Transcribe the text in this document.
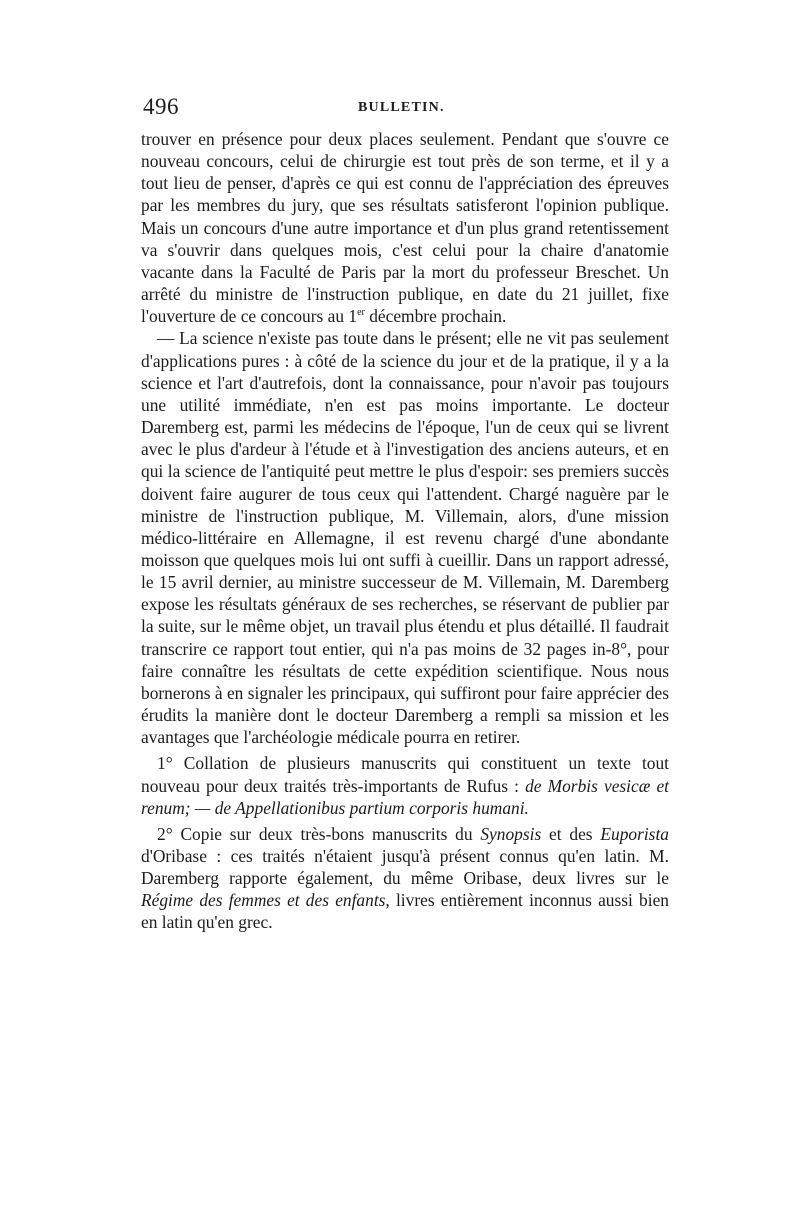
496	BULLETIN.

trouver en présence pour deux places seulement. Pendant que s'ouvre ce nouveau concours, celui de chirurgie est tout près de son terme, et il y a tout lieu de penser, d'après ce qui est connu de l'appréciation des épreuves par les membres du jury, que ses résultats satisferont l'opinion publique. Mais un concours d'une autre importance et d'un plus grand retentissement va s'ouvrir dans quelques mois, c'est celui pour la chaire d'anatomie vacante dans la Faculté de Paris par la mort du professeur Breschet. Un arrêté du ministre de l'instruction publique, en date du 21 juillet, fixe l'ouverture de ce concours au 1er décembre prochain.

— La science n'existe pas toute dans le présent; elle ne vit pas seulement d'applications pures : à côté de la science du jour et de la pratique, il y a la science et l'art d'autrefois, dont la connaissance, pour n'avoir pas toujours une utilité immédiate, n'en est pas moins importante. Le docteur Daremberg est, parmi les médecins de l'époque, l'un de ceux qui se livrent avec le plus d'ardeur à l'étude et à l'investigation des anciens auteurs, et en qui la science de l'antiquité peut mettre le plus d'espoir: ses premiers succès doivent faire augurer de tous ceux qui l'attendent. Chargé naguère par le ministre de l'instruction publique, M. Villemain, alors, d'une mission médico-littéraire en Allemagne, il est revenu chargé d'une abondante moisson que quelques mois lui ont suffi à cueillir. Dans un rapport adressé, le 15 avril dernier, au ministre successeur de M. Villemain, M. Daremberg expose les résultats généraux de ses recherches, se réservant de publier par la suite, sur le même objet, un travail plus étendu et plus détaillé. Il faudrait transcrire ce rapport tout entier, qui n'a pas moins de 32 pages in-8°, pour faire connaître les résultats de cette expédition scientifique. Nous nous bornerons à en signaler les principaux, qui suffiront pour faire apprécier des érudits la manière dont le docteur Daremberg a rempli sa mission et les avantages que l'archéologie médicale pourra en retirer.

1° Collation de plusieurs manuscrits qui constituent un texte tout nouveau pour deux traités très-importants de Rufus : de Morbis vesicæ et renum; — de Appellationibus partium corporis humani.

2° Copie sur deux très-bons manuscrits du Synopsis et des Euporista d'Oribase : ces traités n'étaient jusqu'à présent connus qu'en latin. M. Daremberg rapporte également, du même Oribase, deux livres sur le Régime des femmes et des enfants, livres entièrement inconnus aussi bien en latin qu'en grec.
